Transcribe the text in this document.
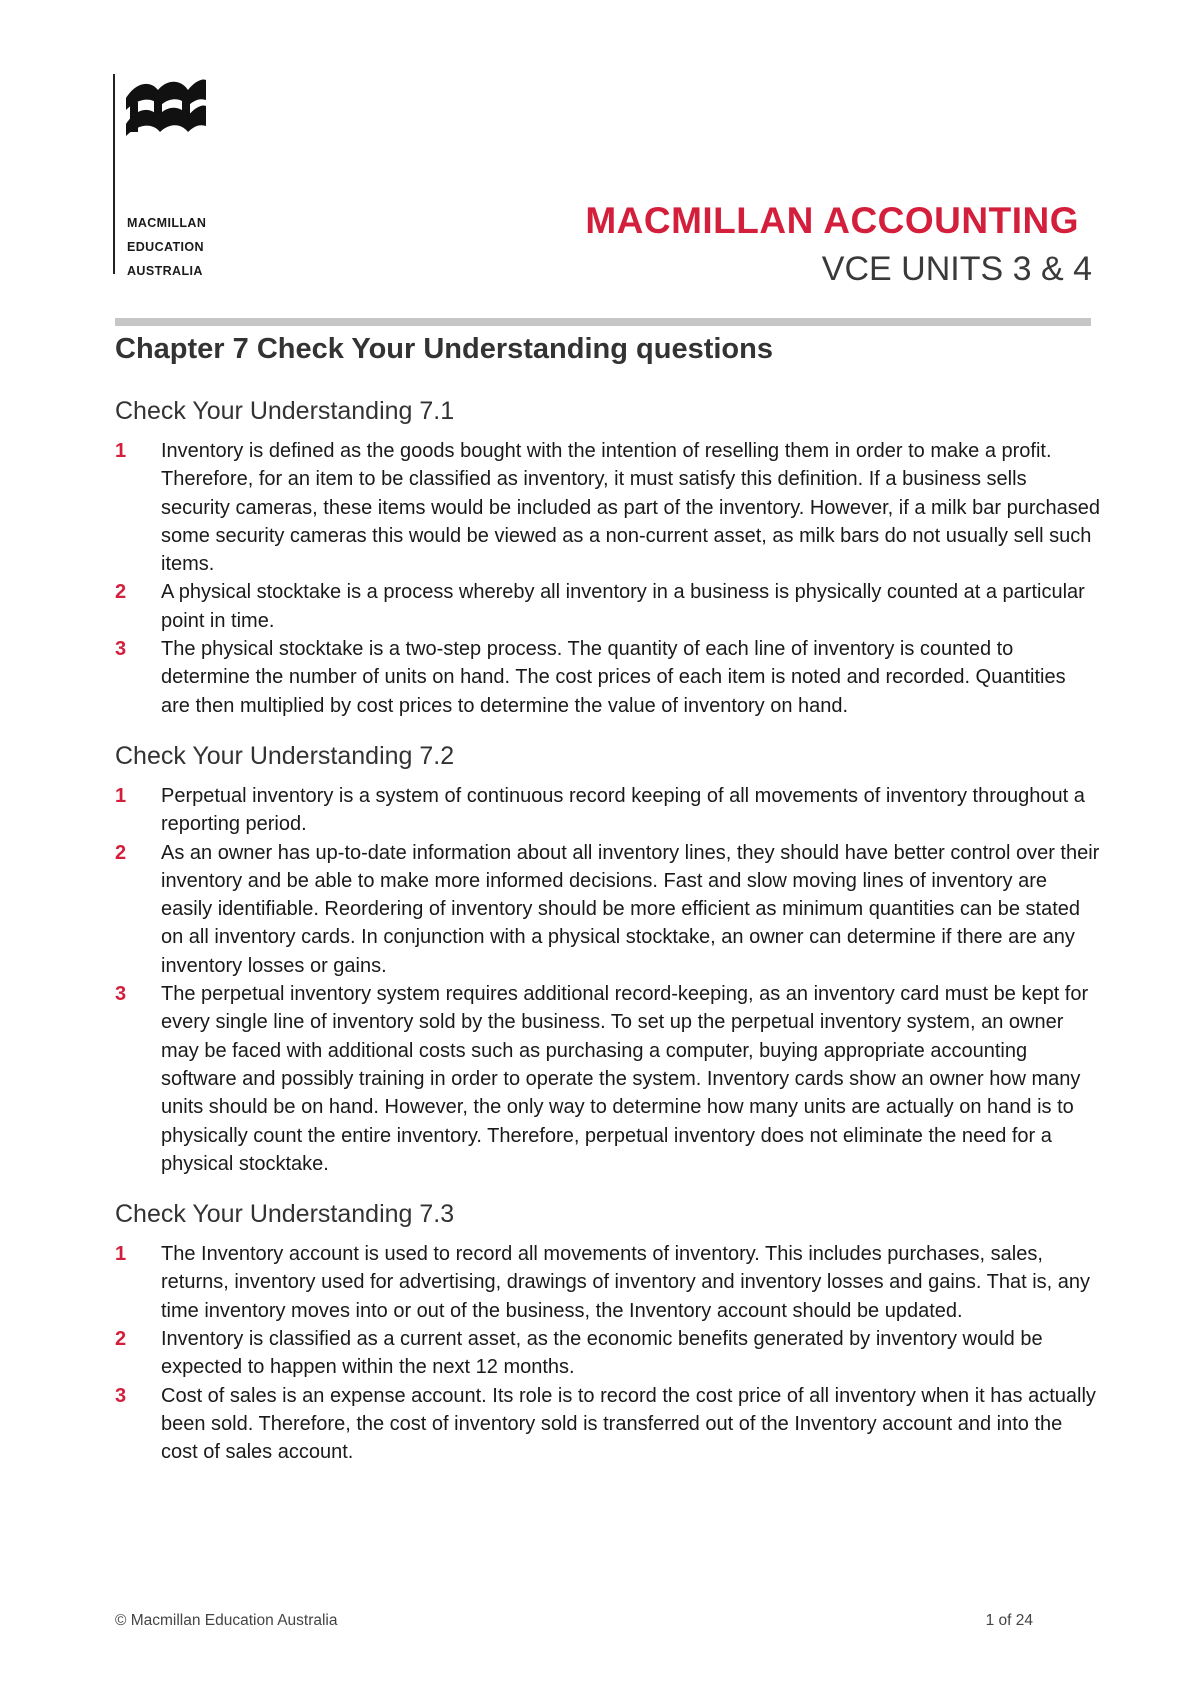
MACMILLAN
EDUCATION
AUSTRALIA
MACMILLAN ACCOUNTING
VCE UNITS 3 & 4
Chapter 7 Check Your Understanding questions
Check Your Understanding 7.1
1 Inventory is defined as the goods bought with the intention of reselling them in order to make a profit. Therefore, for an item to be classified as inventory, it must satisfy this definition. If a business sells security cameras, these items would be included as part of the inventory. However, if a milk bar purchased some security cameras this would be viewed as a non-current asset, as milk bars do not usually sell such items.
2 A physical stocktake is a process whereby all inventory in a business is physically counted at a particular point in time.
3 The physical stocktake is a two-step process. The quantity of each line of inventory is counted to determine the number of units on hand. The cost prices of each item is noted and recorded. Quantities are then multiplied by cost prices to determine the value of inventory on hand.
Check Your Understanding 7.2
1 Perpetual inventory is a system of continuous record keeping of all movements of inventory throughout a reporting period.
2 As an owner has up-to-date information about all inventory lines, they should have better control over their inventory and be able to make more informed decisions. Fast and slow moving lines of inventory are easily identifiable. Reordering of inventory should be more efficient as minimum quantities can be stated on all inventory cards. In conjunction with a physical stocktake, an owner can determine if there are any inventory losses or gains.
3 The perpetual inventory system requires additional record-keeping, as an inventory card must be kept for every single line of inventory sold by the business. To set up the perpetual inventory system, an owner may be faced with additional costs such as purchasing a computer, buying appropriate accounting software and possibly training in order to operate the system. Inventory cards show an owner how many units should be on hand. However, the only way to determine how many units are actually on hand is to physically count the entire inventory. Therefore, perpetual inventory does not eliminate the need for a physical stocktake.
Check Your Understanding 7.3
1 The Inventory account is used to record all movements of inventory. This includes purchases, sales, returns, inventory used for advertising, drawings of inventory and inventory losses and gains. That is, any time inventory moves into or out of the business, the Inventory account should be updated.
2 Inventory is classified as a current asset, as the economic benefits generated by inventory would be expected to happen within the next 12 months.
3 Cost of sales is an expense account. Its role is to record the cost price of all inventory when it has actually been sold. Therefore, the cost of inventory sold is transferred out of the Inventory account and into the cost of sales account.
© Macmillan Education Australia	1 of 24
